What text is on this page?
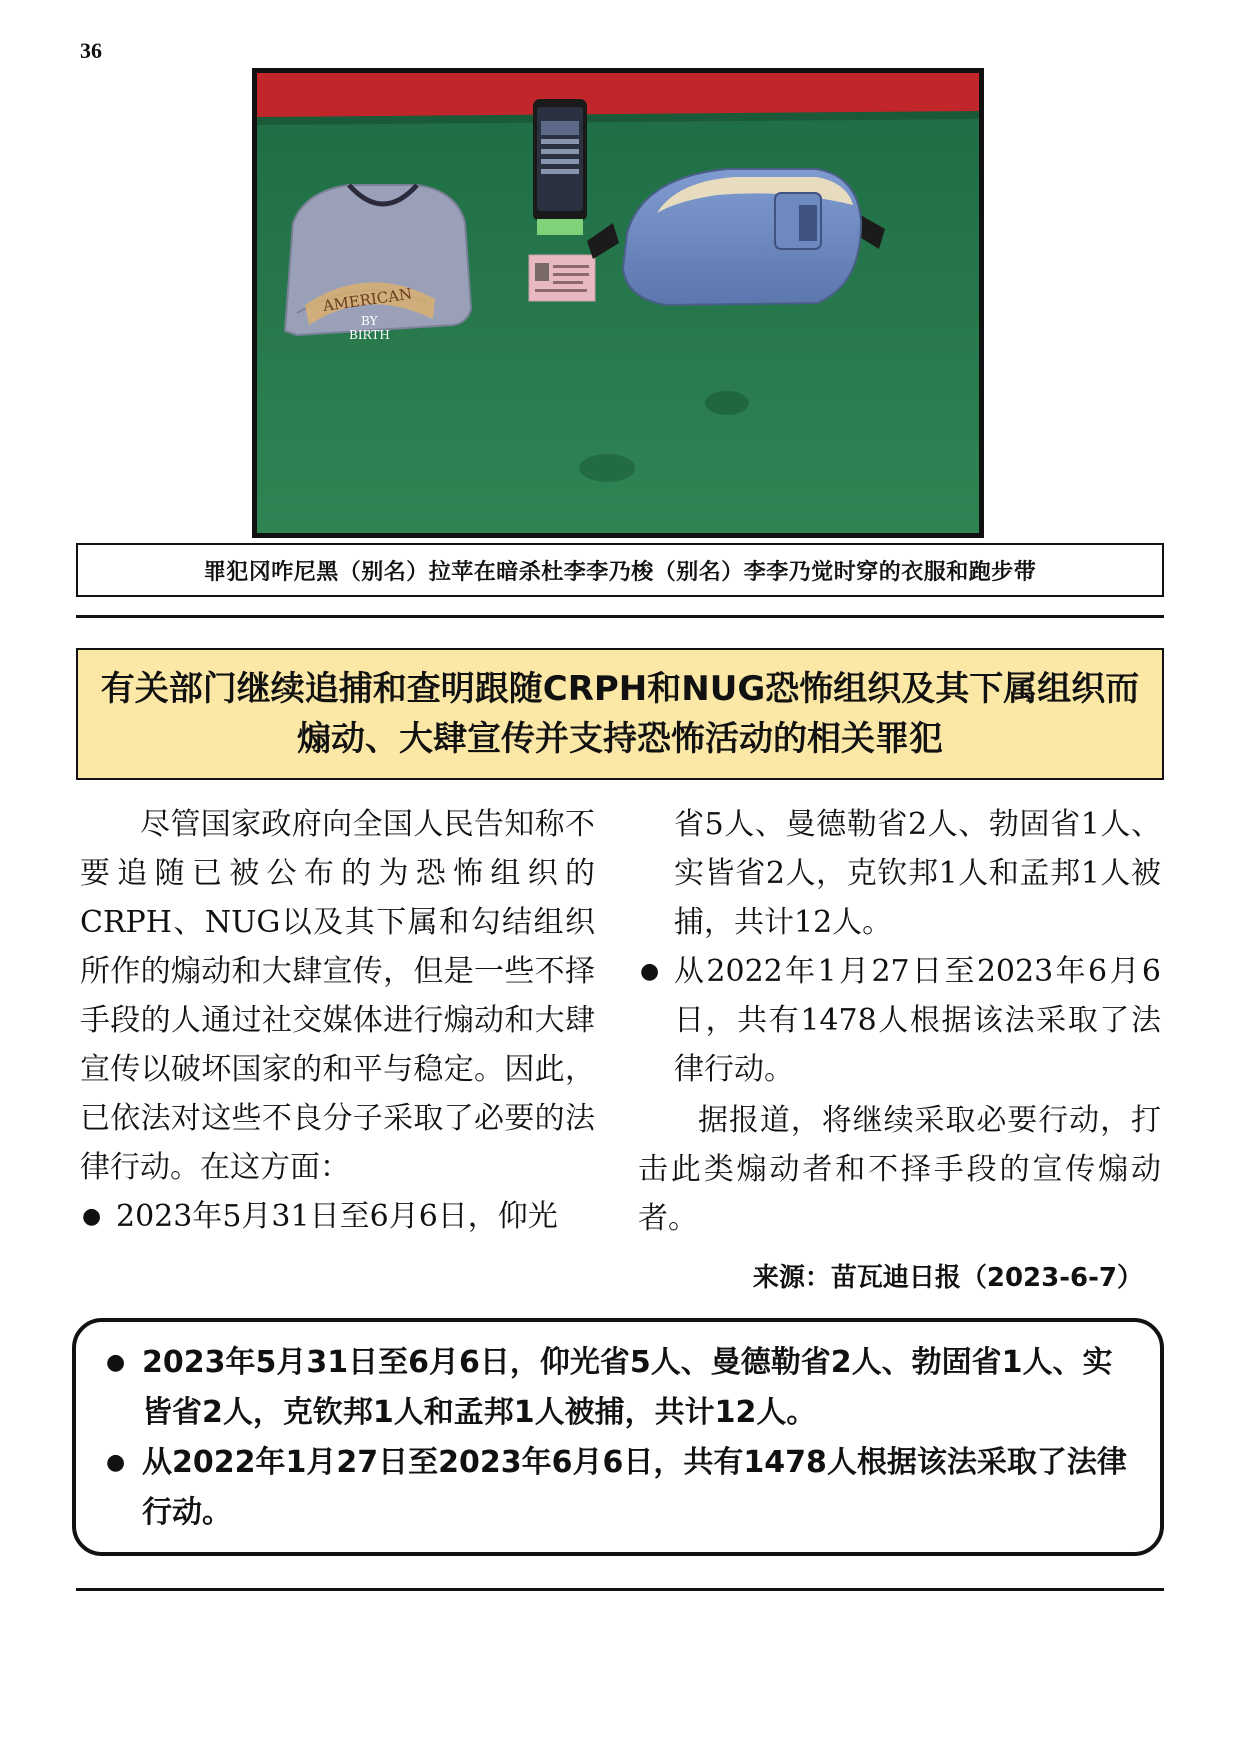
36
AMERICAN
BY
BIRTH
罪犯冈咋尼黑（别名）拉苹在暗杀杜李李乃梭（别名）李李乃觉时穿的衣服和跑步带
有关部门继续追捕和查明跟随CRPH和NUG恐怖组织及其下属组织而
煽动、大肆宣传并支持恐怖活动的相关罪犯

尽管国家政府向全国人民告知称不要追随已被公布的为恐怖组织的CRPH、NUG以及其下属和勾结组织所作的煽动和大肆宣传，但是一些不择手段的人通过社交媒体进行煽动和大肆宣传以破坏国家的和平与稳定。因此，已依法对这些不良分子采取了必要的法律行动。在这方面：

● 2023年5月31日至6月6日，仰光
省5人、曼德勒省2人、勃固省1人、实皆省2人，克钦邦1人和孟邦1人被捕，共计12人。
● 从2022年1月27日至2023年6月6日，共有1478人根据该法采取了法律行动。

据报道，将继续采取必要行动，打击此类煽动者和不择手段的宣传煽动者。

来源：苗瓦迪日报（2023-6-7）
● 2023年5月31日至6月6日，仰光省5人、曼德勒省2人、勃固省1人、实皆省2人，克钦邦1人和孟邦1人被捕，共计12人。
● 从2022年1月27日至2023年6月6日，共有1478人根据该法采取了法律行动。
